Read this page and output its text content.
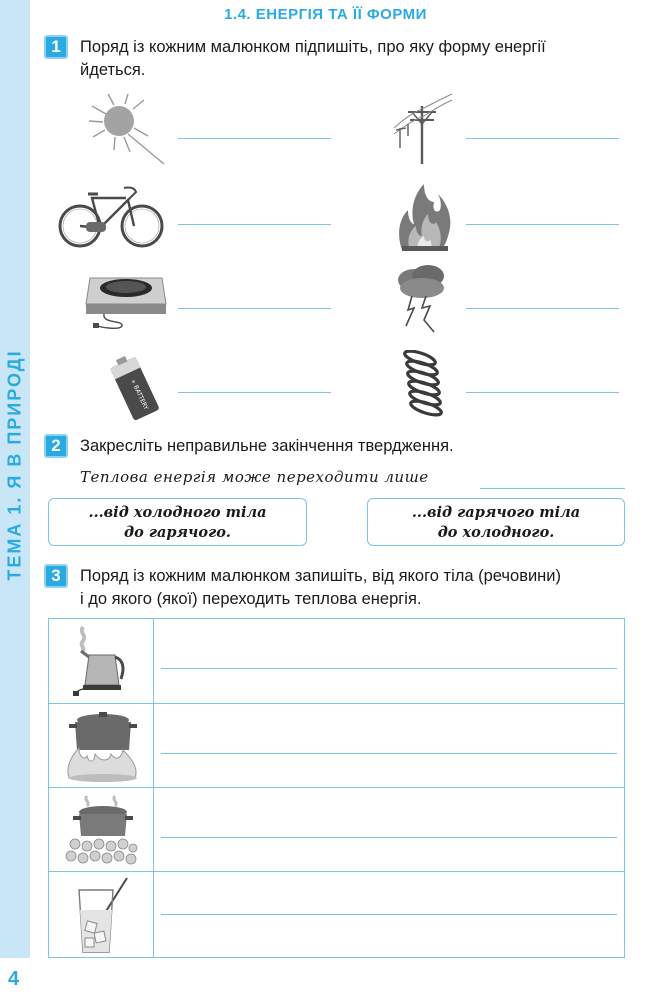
ТЕМА 1. Я В ПРИРОДІ
4
1.4. ЕНЕРГІЯ ТА ЇЇ ФОРМИ
1	Поряд із кожним малюнком підпишіть, про яку форму енергії
йдеться.
+ BATTERY
2	Закресліть неправильне закінчення твердження.
Теплова енергія може переходити лише
...від холодного тіла
до гарячого.
...від гарячого тіла
до холодного.
3	Поряд із кожним малюнком запишіть, від якого тіла (речовини)
і до якого (якої) переходить теплова енергія.
